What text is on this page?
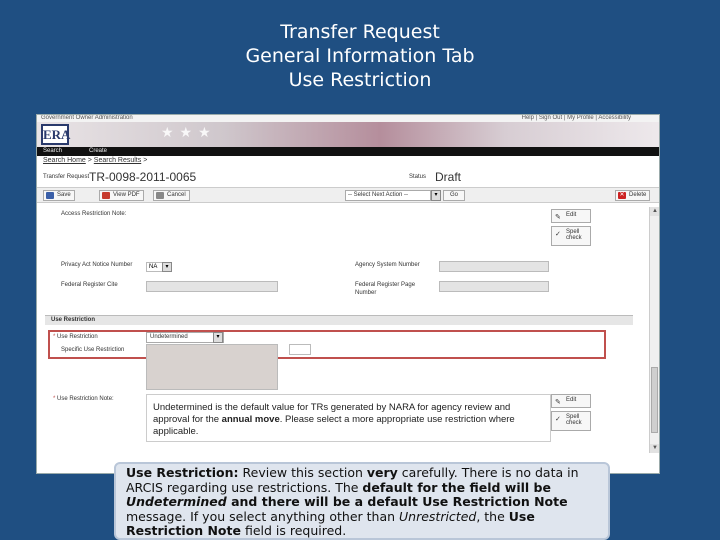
Transfer Request
General Information Tab
Use Restriction
Government Owner Administration	Help | Sign Out | My Profile | Accessibility
ERA	★★★
Search	Create
Search Home > Search Results >
Transfer Request TR-0098-2011-0065	Status Draft
Save	View PDF	Cancel	-- Select Next Action --	▾	Go	✕ Delete
Access Restriction Note:	✎ Edit
✓ Spell check
Privacy Act Notice Number	NA	▾	Agency System Number
Federal Register Cite	Federal Register Page Number
Use Restriction
* Use Restriction	Undetermined	▾
Specific Use Restriction
* Use Restriction Note:
Undetermined is the default value for TRs generated by NARA for agency review and approval for the annual move. Please select a more appropriate use restriction where applicable.
✎ Edit
✓ Spell check
▲
▼
Use Restriction: Review this section very carefully. There is no data in ARCIS regarding use restrictions. The default for the field will be Undetermined and there will be a default Use Restriction Note message. If you select anything other than Unrestricted, the Use Restriction Note field is required.
